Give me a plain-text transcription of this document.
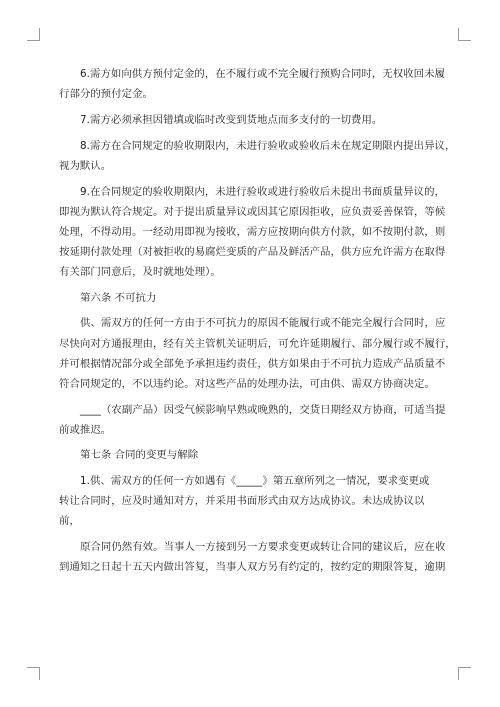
6.需方如向供方预付定金的，在不履行或不完全履行预购合同时，无权收回未履
行部分的预付定金。
7.需方必须承担因错填或临时改变到货地点而多支付的一切费用。
8.需方在合同规定的验收期限内，未进行验收或验收后未在规定期限内提出异议，
视为默认。
9.在合同规定的验收期限内，未进行验收或进行验收后未提出书面质量异议的，
即视为默认符合规定。对于提出质量异议或因其它原因拒收，应负责妥善保管，等候
处理，不得动用。一经动用即视为接收，需方应按期向供方付款，如不按期付款，则
按延期付款处理（对被拒收的易腐烂变质的产品及鲜活产品，供方应允许需方在取得
有关部门同意后，及时就地处理）。
第六条 不可抗力
供、需双方的任何一方由于不可抗力的原因不能履行或不能完全履行合同时，应
尽快向对方通报理由，经有关主管机关证明后，可允许延期履行、部分履行或不履行，
并可根据情况部分或全部免予承担违约责任，供方如果由于不可抗力造成产品质量不
符合同规定的，不以违约论。对这些产品的处理办法，可由供、需双方协商决定。
____（农副产品）因受气候影响早熟或晚熟的，交货日期经双方协商，可适当提
前或推迟。
第七条 合同的变更与解除
1.供、需双方的任何一方如遇有《_____》第五章所列之一情况，要求变更或
转让合同时，应及时通知对方，并采用书面形式由双方达成协议。未达成协议以
前，
原合同仍然有效。当事人一方接到另一方要求变更或转让合同的建议后，应在收
到通知之日起十五天内做出答复，当事人双方另有约定的，按约定的期限答复，逾期
